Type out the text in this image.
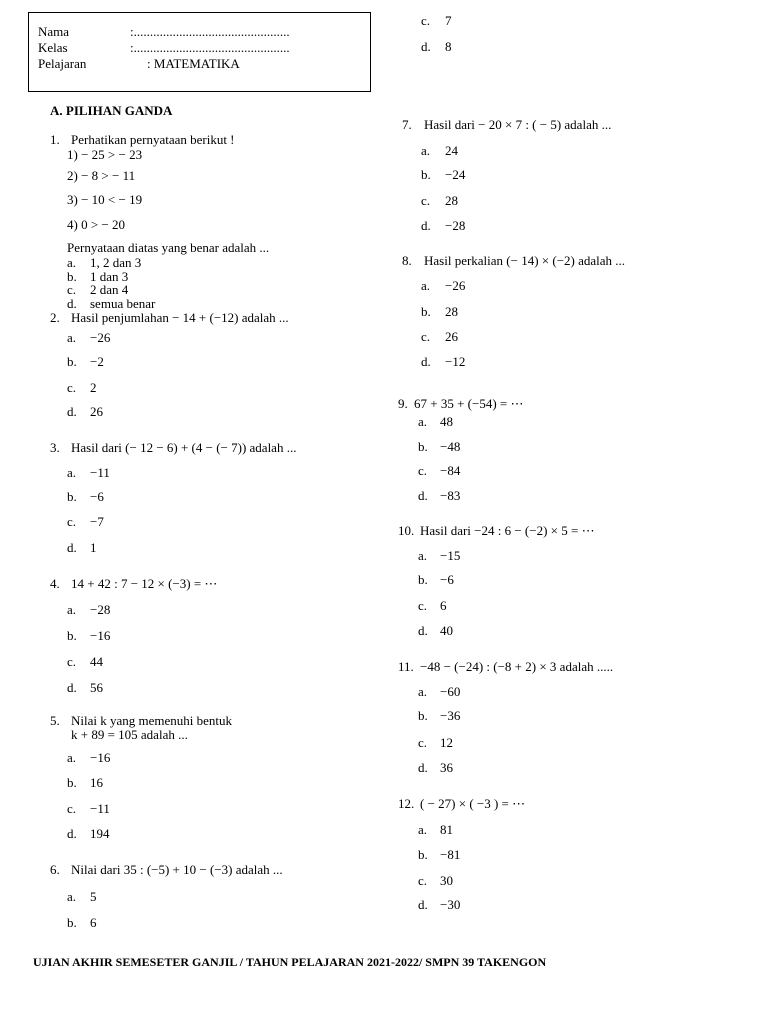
Nama	:................................................
Kelas	:................................................
Pelajaran	: MATEMATIKA
A. PILIHAN GANDA
1. Perhatikan pernyataan berikut !
1) − 25 > − 23
2) − 8 > − 11
3) − 10 < − 19
4) 0 > − 20
Pernyataan diatas yang benar adalah ...
a. 1, 2 dan 3
b. 1 dan 3
c. 2 dan 4
d. semua benar
2. Hasil penjumlahan − 14 + (−12) adalah ...
a. −26
b. −2
c. 2
d. 26
3. Hasil dari (− 12 − 6) + (4 − (− 7)) adalah ...
a. −11
b. −6
c. −7
d. 1
4. 14 + 42 : 7 − 12 × (−3) = ⋯
a. −28
b. −16
c. 44
d. 56
5. Nilai k yang memenuhi bentuk
k + 89 = 105 adalah ...
a. −16
b. 16
c. −11
d. 194
6. Nilai dari 35 : (−5) + 10 − (−3) adalah ...
a. 5
b. 6
c. 7
d. 8
7. Hasil dari − 20 × 7 : ( − 5) adalah ...
a. 24
b. −24
c. 28
d. −28
8. Hasil perkalian (− 14) × (−2) adalah ...
a. −26
b. 28
c. 26
d. −12
9. 67 + 35 + (−54) = ⋯
a. 48
b. −48
c. −84
d. −83
10. Hasil dari −24 : 6 − (−2) × 5 = ⋯
a. −15
b. −6
c. 6
d. 40
11. −48 − (−24) : (−8 + 2) × 3 adalah .....
a. −60
b. −36
c. 12
d. 36
12. ( − 27) × ( −3 ) = ⋯
a. 81
b. −81
c. 30
d. −30
UJIAN AKHIR SEMESETER GANJIL / TAHUN PELAJARAN 2021-2022/ SMPN 39 TAKENGON
